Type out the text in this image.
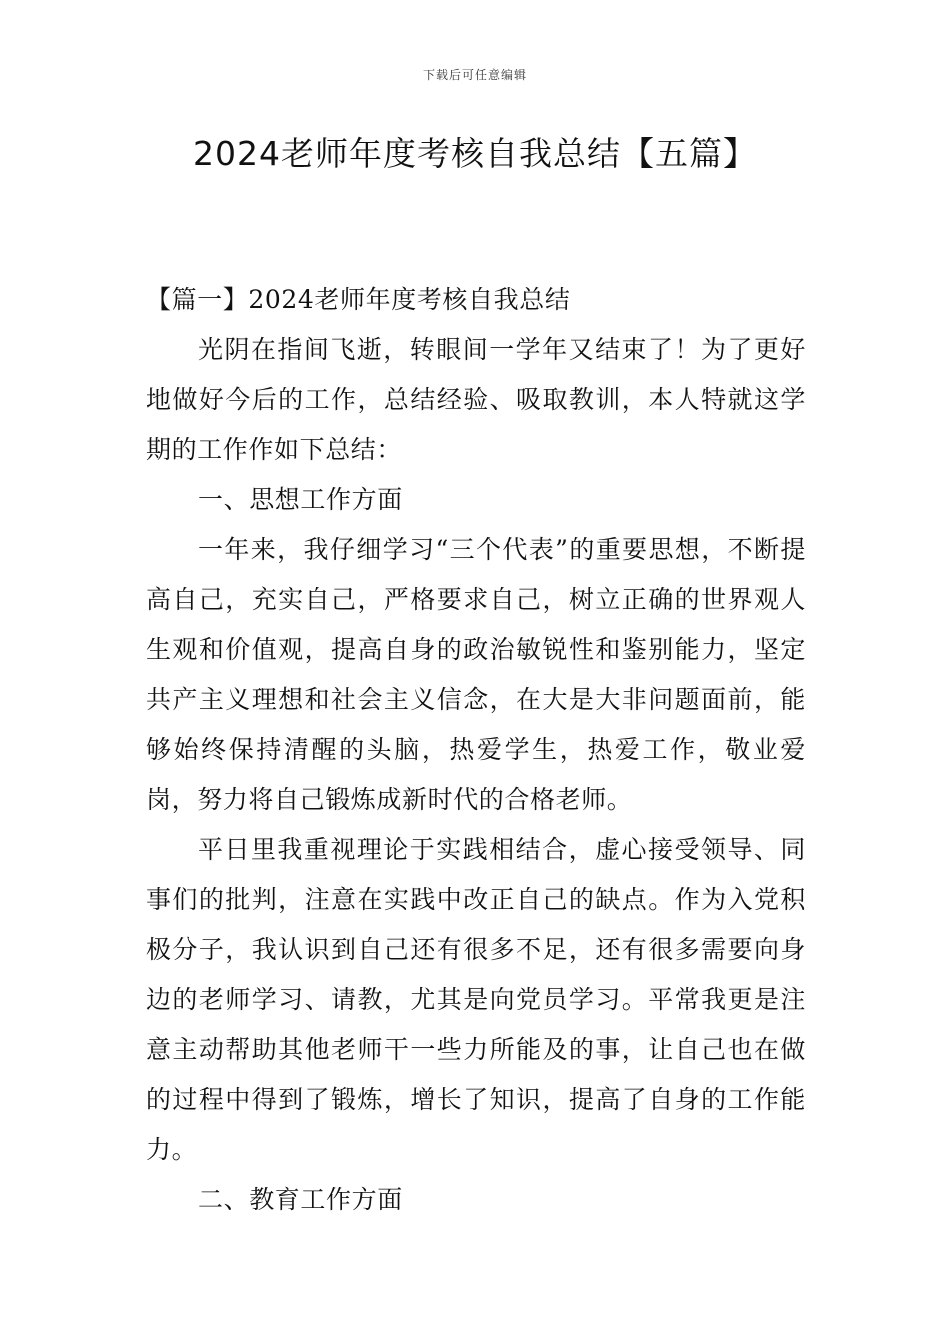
下载后可任意编辑
2024老师年度考核自我总结【五篇】

【篇一】2024老师年度考核自我总结

光阴在指间飞逝，转眼间一学年又结束了！为了更好地做好今后的工作，总结经验、吸取教训，本人特就这学期的工作作如下总结：

一、思想工作方面

一年来，我仔细学习“三个代表”的重要思想，不断提高自己，充实自己，严格要求自己，树立正确的世界观人生观和价值观，提高自身的政治敏锐性和鉴别能力，坚定共产主义理想和社会主义信念，在大是大非问题面前，能够始终保持清醒的头脑，热爱学生，热爱工作，敬业爱岗，努力将自己锻炼成新时代的合格老师。

平日里我重视理论于实践相结合，虚心接受领导、同事们的批判，注意在实践中改正自己的缺点。作为入党积极分子，我认识到自己还有很多不足，还有很多需要向身边的老师学习、请教，尤其是向党员学习。平常我更是注意主动帮助其他老师干一些力所能及的事，让自己也在做的过程中得到了锻炼，增长了知识，提高了自身的工作能力。

二、教育工作方面
